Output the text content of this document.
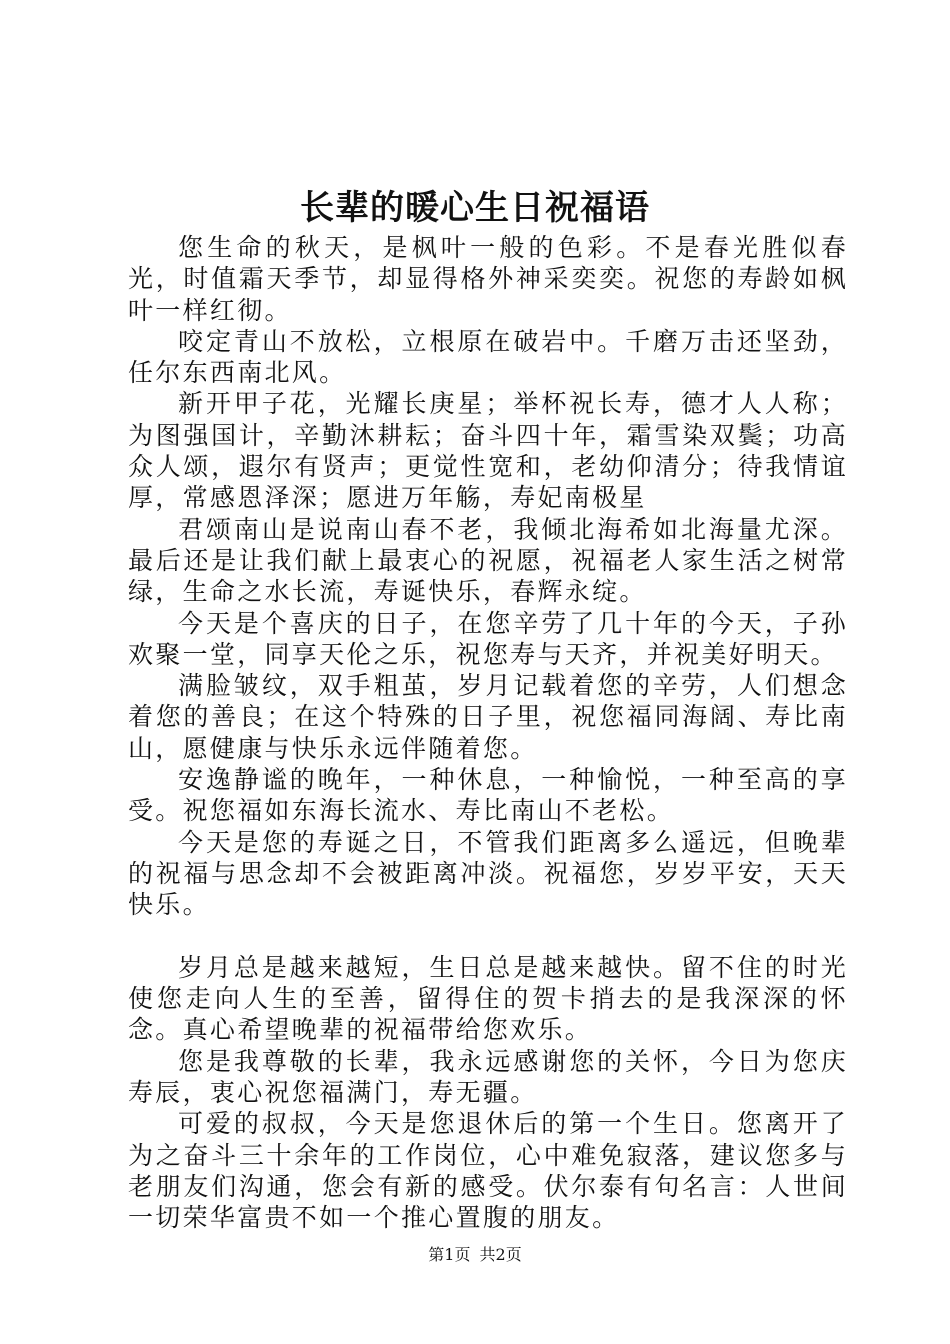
长辈的暖心生日祝福语

您生命的秋天，是枫叶一般的色彩。不是春光胜似春光，时值霜天季节，却显得格外神采奕奕。祝您的寿龄如枫叶一样红彻。

咬定青山不放松，立根原在破岩中。千磨万击还坚劲，任尔东西南北风。

新开甲子花，光耀长庚星；举杯祝长寿，德才人人称；为图强国计，辛勤沐耕耘；奋斗四十年，霜雪染双鬓；功高众人颂，遐尔有贤声；更觉性宽和，老幼仰清分；待我情谊厚，常感恩泽深；愿进万年觞，寿妃南极星

君颂南山是说南山春不老，我倾北海希如北海量尤深。最后还是让我们献上最衷心的祝愿，祝福老人家生活之树常绿，生命之水长流，寿诞快乐，春辉永绽。

今天是个喜庆的日子，在您辛劳了几十年的今天，子孙欢聚一堂，同享天伦之乐，祝您寿与天齐，并祝美好明天。

满脸皱纹，双手粗茧，岁月记载着您的辛劳，人们想念着您的善良；在这个特殊的日子里，祝您福同海阔、寿比南山，愿健康与快乐永远伴随着您。

安逸静谧的晚年，一种休息，一种愉悦，一种至高的享受。祝您福如东海长流水、寿比南山不老松。

今天是您的寿诞之日，不管我们距离多么遥远，但晚辈的祝福与思念却不会被距离冲淡。祝福您，岁岁平安，天天快乐。

岁月总是越来越短，生日总是越来越快。留不住的时光使您走向人生的至善，留得住的贺卡捎去的是我深深的怀念。真心希望晚辈的祝福带给您欢乐。

您是我尊敬的长辈，我永远感谢您的关怀，今日为您庆寿辰，衷心祝您福满门，寿无疆。

可爱的叔叔，今天是您退休后的第一个生日。您离开了为之奋斗三十余年的工作岗位，心中难免寂落，建议您多与老朋友们沟通，您会有新的感受。伏尔泰有句名言：人世间一切荣华富贵不如一个推心置腹的朋友。

第1页 共2页
